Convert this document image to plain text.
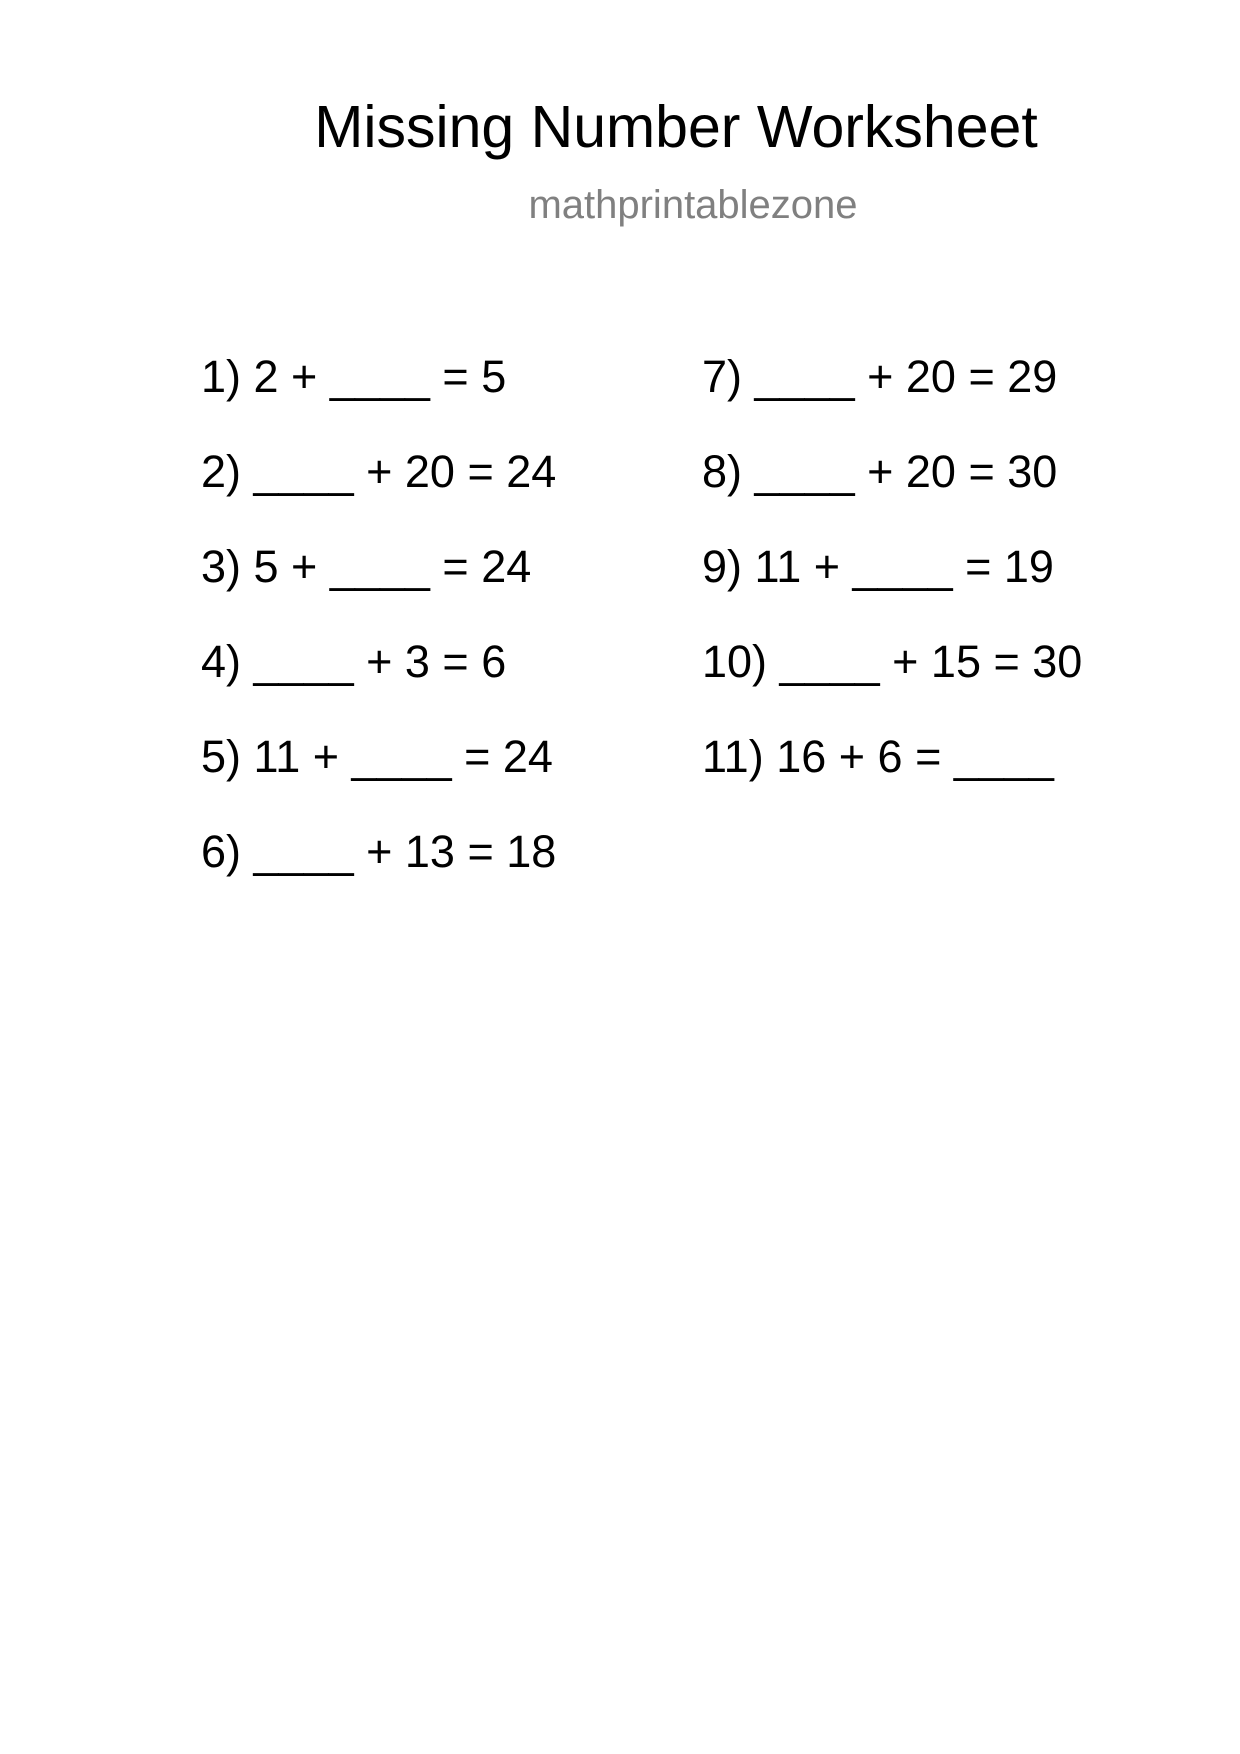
Missing Number Worksheet
mathprintablezone
1) 2 + ____ = 5
2) ____ + 20 = 24
3) 5 + ____ = 24
4) ____ + 3 = 6
5) 11 + ____ = 24
6) ____ + 13 = 18
7) ____ + 20 = 29
8) ____ + 20 = 30
9) 11 + ____ = 19
10) ____ + 15 = 30
11) 16 + 6 = ____
